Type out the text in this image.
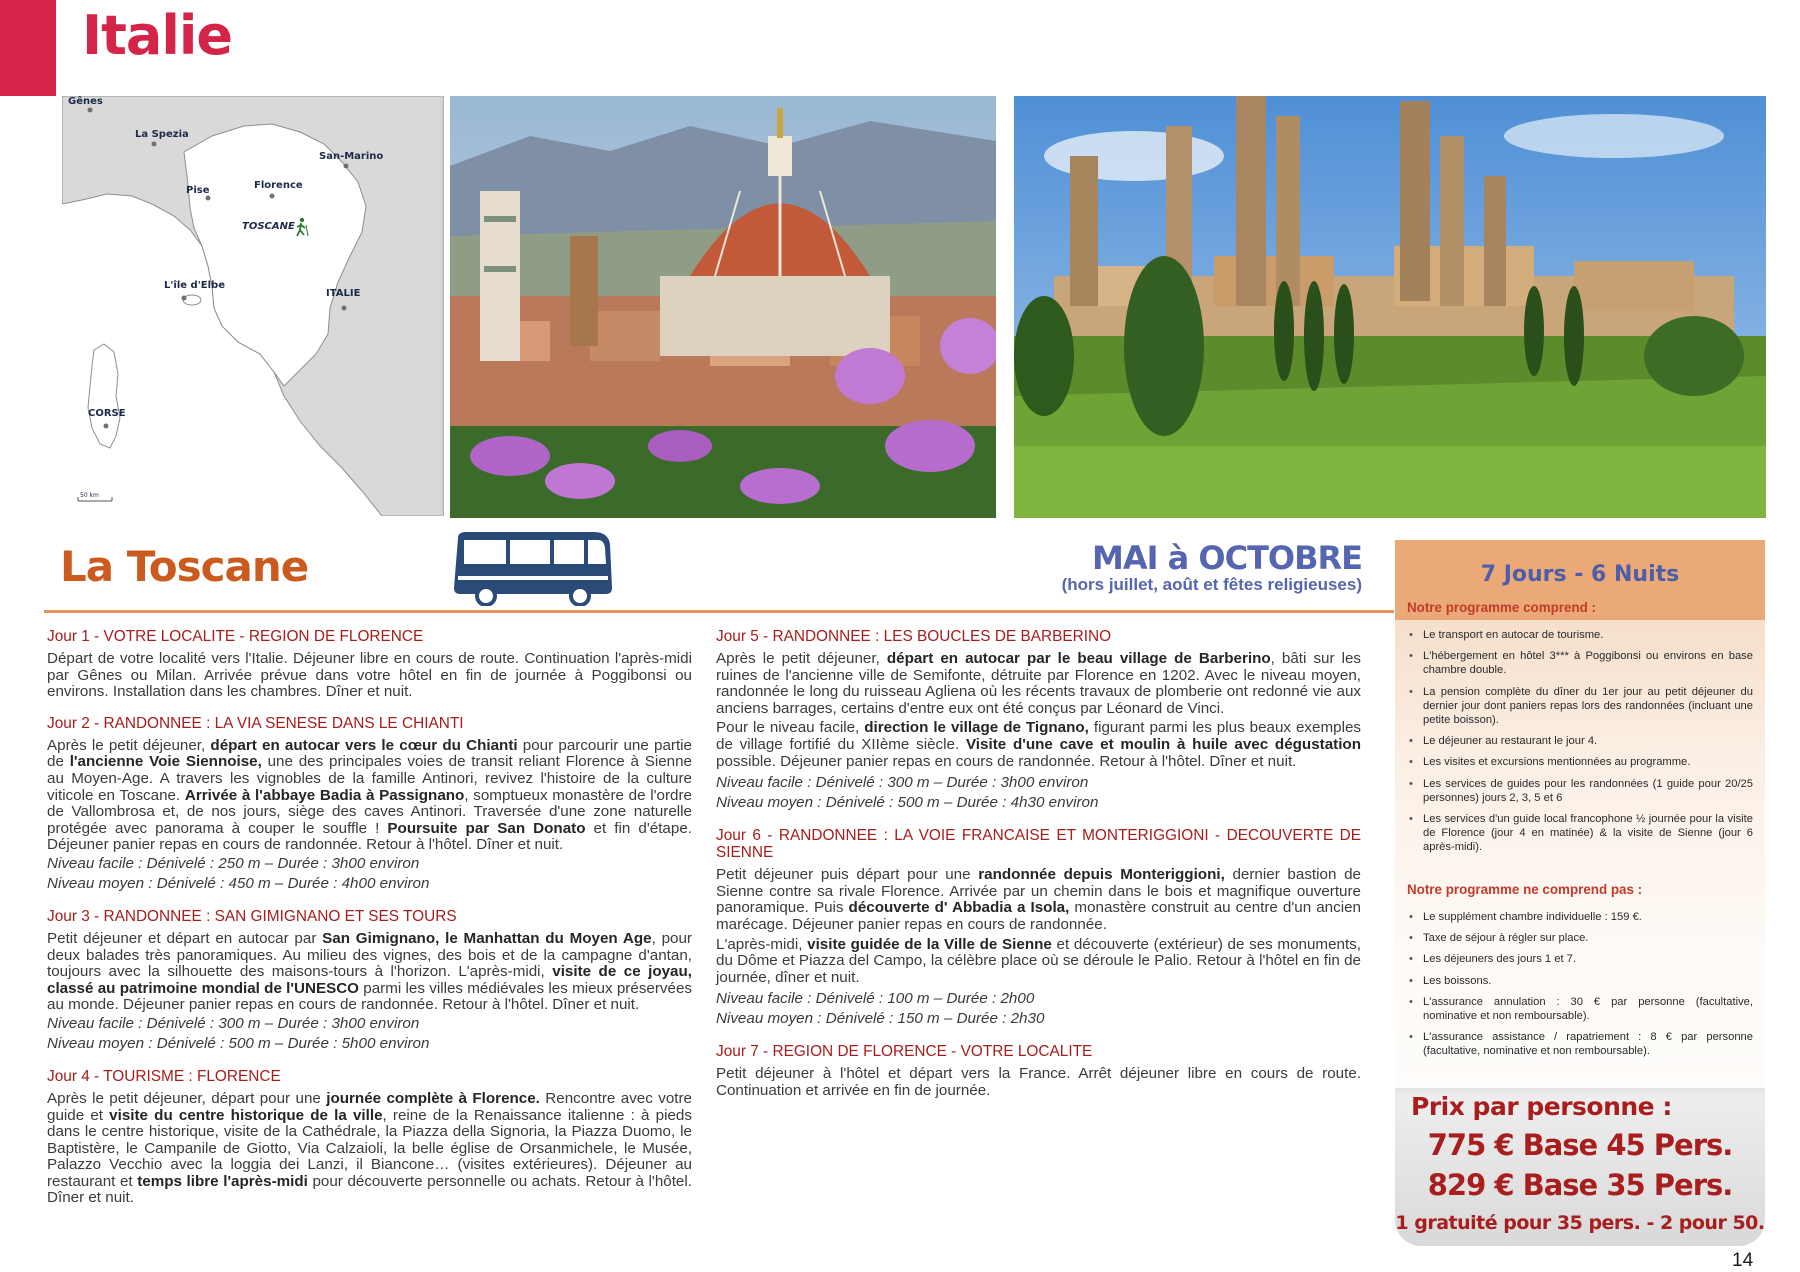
Italie
Gênes
La Spezia
San-Marino
Florence
Pise
TOSCANE
L'île d'Elbe
ITALIE
CORSE
50 km
La Toscane	MAI à OCTOBRE
(hors juillet, août et fêtes religieuses)
Jour 1 - VOTRE LOCALITE - REGION DE FLORENCE
Départ de votre localité vers l'Italie. Déjeuner libre en cours de route. Continuation l'après-midi par Gênes ou Milan. Arrivée prévue dans votre hôtel en fin de journée à Poggibonsi ou environs. Installation dans les chambres. Dîner et nuit.
Jour 2 - RANDONNEE : LA VIA SENESE DANS LE CHIANTI
Après le petit déjeuner, départ en autocar vers le cœur du Chianti pour parcourir une partie de l'ancienne Voie Siennoise, une des principales voies de transit reliant Florence à Sienne au Moyen-Age. A travers les vignobles de la famille Antinori, revivez l'histoire de la culture viticole en Toscane. Arrivée à l'abbaye Badia à Passignano, somptueux monastère de l'ordre de Vallombrosa et, de nos jours, siège des caves Antinori. Traversée d'une zone naturelle protégée avec panorama à couper le souffle ! Poursuite par San Donato et fin d'étape. Déjeuner panier repas en cours de randonnée. Retour à l'hôtel. Dîner et nuit.
Niveau facile : Dénivelé : 250 m – Durée : 3h00 environ
Niveau moyen : Dénivelé : 450 m – Durée : 4h00 environ
Jour 3 - RANDONNEE : SAN GIMIGNANO ET SES TOURS
Petit déjeuner et départ en autocar par San Gimignano, le Manhattan du Moyen Age, pour deux balades très panoramiques. Au milieu des vignes, des bois et de la campagne d'antan, toujours avec la silhouette des maisons-tours à l'horizon. L'après-midi, visite de ce joyau, classé au patrimoine mondial de l'UNESCO parmi les villes médiévales les mieux préservées au monde. Déjeuner panier repas en cours de randonnée. Retour à l'hôtel. Dîner et nuit.
Niveau facile : Dénivelé : 300 m – Durée : 3h00 environ
Niveau moyen : Dénivelé : 500 m – Durée : 5h00 environ
Jour 4 - TOURISME : FLORENCE
Après le petit déjeuner, départ pour une journée complète à Florence. Rencontre avec votre guide et visite du centre historique de la ville, reine de la Renaissance italienne : à pieds dans le centre historique, visite de la Cathédrale, la Piazza della Signoria, la Piazza Duomo, le Baptistère, le Campanile de Giotto, Via Calzaioli, la belle église de Orsanmichele, le Musée, Palazzo Vecchio avec la loggia dei Lanzi, il Biancone… (visites extérieures). Déjeuner au restaurant et temps libre l'après-midi pour découverte personnelle ou achats. Retour à l'hôtel. Dîner et nuit.
Jour 5 - RANDONNEE : LES BOUCLES DE BARBERINO

Après le petit déjeuner, départ en autocar par le beau village de Barberino, bâti sur les ruines de l'ancienne ville de Semifonte, détruite par Florence en 1202. Avec le niveau moyen, randonnée le long du ruisseau Agliena où les récents travaux de plomberie ont redonné vie aux anciens barrages, certains d'entre eux ont été conçus par Léonard de Vinci.

Pour le niveau facile, direction le village de Tignano, figurant parmi les plus beaux exemples de village fortifié du XIIème siècle. Visite d'une cave et moulin à huile avec dégustation possible. Déjeuner panier repas en cours de randonnée. Retour à l'hôtel. Dîner et nuit.

Niveau facile : Dénivelé : 300 m – Durée : 3h00 environ
Niveau moyen : Dénivelé : 500 m – Durée : 4h30 environ
Jour 6 - RANDONNEE : LA VOIE FRANCAISE ET MONTERIGGIONI - DECOUVERTE DE SIENNE

Petit déjeuner puis départ pour une randonnée depuis Monteriggioni, dernier bastion de Sienne contre sa rivale Florence. Arrivée par un chemin dans le bois et magnifique ouverture panoramique. Puis découverte d' Abbadia a Isola, monastère construit au centre d'un ancien marécage. Déjeuner panier repas en cours de randonnée.

L'après-midi, visite guidée de la Ville de Sienne et découverte (extérieur) de ses monuments, du Dôme et Piazza del Campo, la célèbre place où se déroule le Palio. Retour à l'hôtel en fin de journée, dîner et nuit.

Niveau facile : Dénivelé : 100 m – Durée : 2h00
Niveau moyen : Dénivelé : 150 m – Durée : 2h30
Jour 7 - REGION DE FLORENCE - VOTRE LOCALITE
Petit déjeuner à l'hôtel et départ vers la France. Arrêt déjeuner libre en cours de route. Continuation et arrivée en fin de journée.
7 Jours - 6 Nuits
Notre programme comprend :
• Le transport en autocar de tourisme.
• L'hébergement en hôtel 3*** à Poggibonsi ou environs en base chambre double.
• La pension complète du dîner du 1er jour au petit déjeuner du dernier jour dont paniers repas lors des randonnées (incluant une petite boisson).
• Le déjeuner au restaurant le jour 4.
• Les visites et excursions mentionnées au programme.
• Les services de guides pour les randonnées (1 guide pour 20/25 personnes) jours 2, 3, 5 et 6
• Les services d'un guide local francophone ½ journée pour la visite de Florence (jour 4 en matinée) & la visite de Sienne (jour 6 après-midi).
Notre programme ne comprend pas :
• Le supplément chambre individuelle : 159 €.
• Taxe de séjour à régler sur place.
• Les déjeuners des jours 1 et 7.
• Les boissons.
• L'assurance annulation : 30 € par personne (facultative, nominative et non remboursable).
• L'assurance assistance / rapatriement : 8 € par personne (facultative, nominative et non remboursable).
Prix par personne :
775 € Base 45 Pers.
829 € Base 35 Pers.
1 gratuité pour 35 pers. - 2 pour 50.
14
